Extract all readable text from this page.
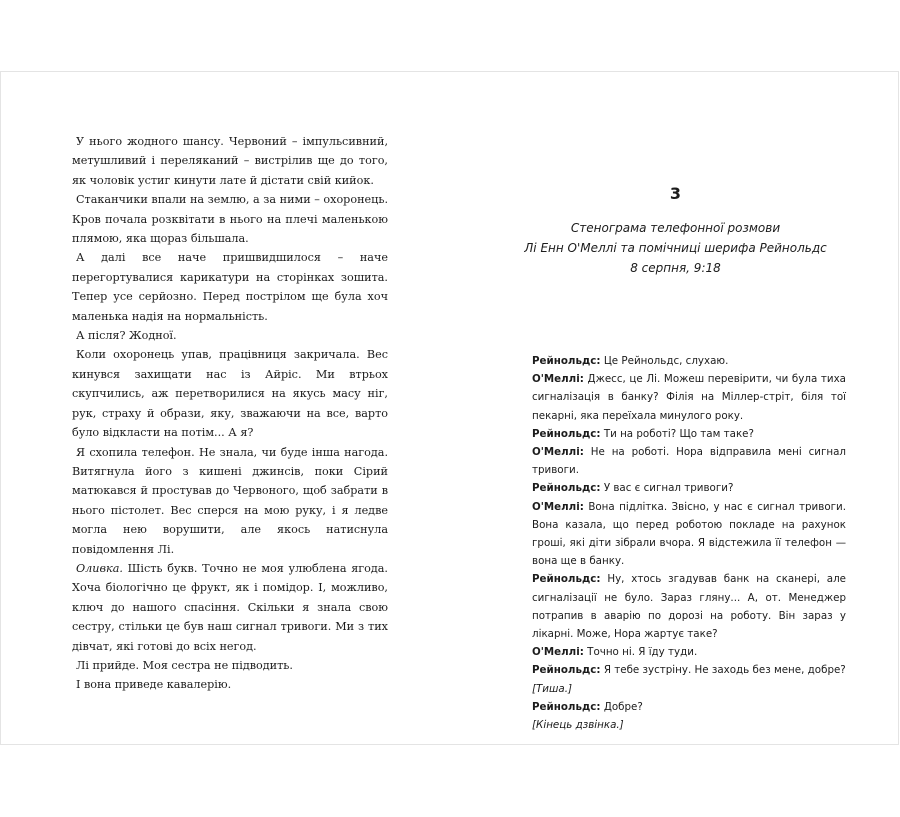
У нього жодного шансу. Червоний – імпульсивний, метушливий і переляканий – вистрілив ще до того, як чоловік устиг кинути лате й дістати свій кийок.

Стаканчики впали на землю, а за ними – охоронець. Кров почала розквітати в нього на плечі маленькою плямою, яка щораз більшала.

А далі все наче пришвидшилося – наче перегортувалися карикатури на сторінках зошита. Тепер усе серйозно. Перед пострілом ще була хоч маленька надія на нормальність.

А після? Жодної.

Коли охоронець упав, працівниця закричала. Вес кинувся захищати нас із Айріс. Ми втрьох скупчились, аж перетворилися на якусь масу ніг, рук, страху й образи, яку, зважаючи на все, варто було відкласти на потім... А я?

Я схопила телефон. Не знала, чи буде інша нагода. Витягнула його з кишені джинсів, поки Сірий матюкався й простував до Червоного, щоб забрати в нього пістолет. Вес сперся на мою руку, і я ледве могла нею ворушити, але якось натиснула повідомлення Лі.

Оливка. Шість букв. Точно не моя улюблена ягода. Хоча біологічно це фрукт, як і помідор. І, можливо, ключ до нашого спасіння. Скільки я знала свою сестру, стільки це був наш сигнал тривоги. Ми з тих дівчат, які готові до всіх негод.

Лі прийде. Моя сестра не підводить.

І вона приведе кавалерію.

3
Стенограма телефонної розмови
Лі Енн О'Меллі та помічниці шерифа Рейнольдс
8 серпня, 9:18

Рейнольдс: Це Рейнольдс, слухаю.

О'Меллі: Джесс, це Лі. Можеш перевірити, чи була тиха сигналізація в банку? Філія на Міллер-стріт, біля тої пекарні, яка переїхала минулого року.

Рейнольдс: Ти на роботі? Що там таке?

О'Меллі: Не на роботі. Нора відправила мені сигнал тривоги.

Рейнольдс: У вас є сигнал тривоги?

О'Меллі: Вона підлітка. Звісно, у нас є сигнал тривоги. Вона казала, що перед роботою покладе на рахунок гроші, які діти зібрали вчора. Я відстежила її телефон — вона ще в банку.

Рейнольдс: Ну, хтось згадував банк на сканері, але сигналізації не було. Зараз гляну... А, от. Менеджер потрапив в аварію по дорозі на роботу. Він зараз у лікарні. Може, Нора жартує таке?

О'Меллі: Точно ні. Я їду туди.

Рейнольдс: Я тебе зустріну. Не заходь без мене, добре?

[Тиша.]

Рейнольдс: Добре?

[Кінець дзвінка.]
